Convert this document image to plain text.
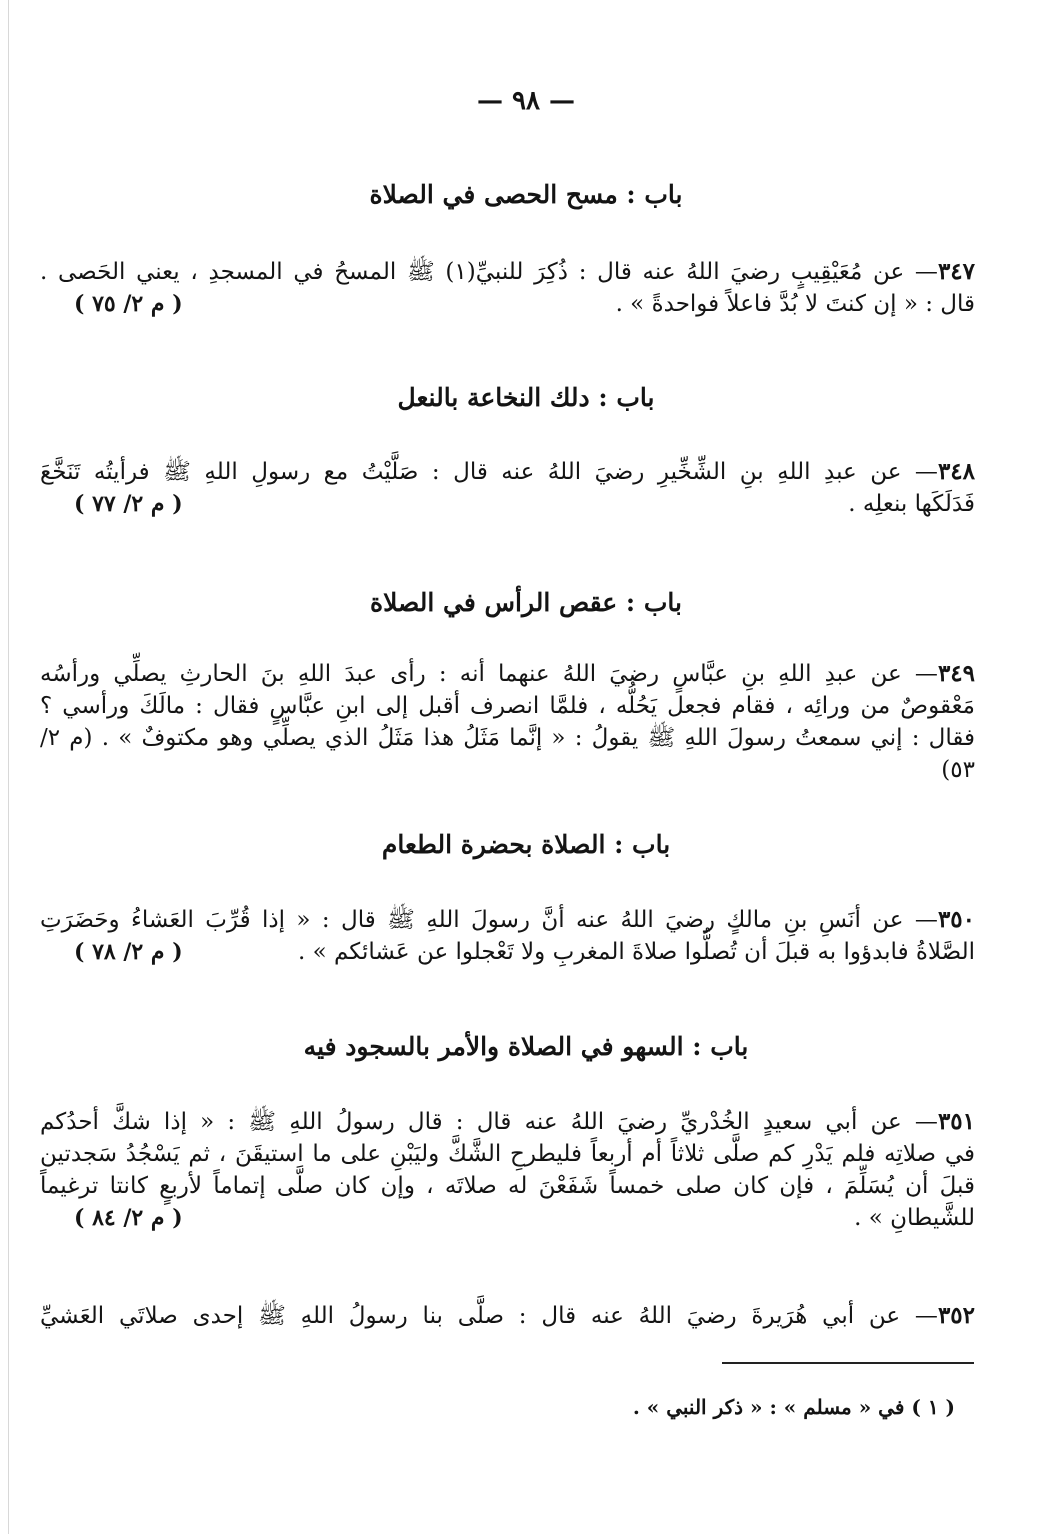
— ٩٨ —
باب : مسح الحصى في الصلاة
٣٤٧— عن مُعَيْقِيبٍ رضيَ اللهُ عنه قال : ذُكِرَ للنبيِّ(١) ﷺ المسحُ في المسجدِ ، يعني الحَصى .
قال : « إن كنتَ لا بُدَّ فاعلاً فواحدةً » .
( م ٢/ ٧٥ )
باب : دلك النخاعة بالنعل
٣٤٨— عن عبدِ اللهِ بنِ الشِّخِّيرِ رضيَ اللهُ عنه قال : صَلَّيْتُ مع رسولِ اللهِ ﷺ فرأيتُه تَنَخَّعَ
فَدَلَكَها بنعلِه .
( م ٢/ ٧٧ )
باب : عقص الرأس في الصلاة
٣٤٩— عن عبدِ اللهِ بنِ عبَّاسٍ رضيَ اللهُ عنهما أنه : رأى عبدَ اللهِ بنَ الحارثِ يصلِّي ورأسُه
مَعْقوصٌ من ورائِه ، فقام فجعل يَحُلُّه ، فلمَّا انصرف أقبل إلى ابنِ عبَّاسٍ فقال : مالَكَ ورأسي ؟
فقال : إني سمعتُ رسولَ اللهِ ﷺ يقولُ : « إنَّما مَثَلُ هذا مَثَلُ الذي يصلِّي وهو مكتوفٌ » . (م ٢/ ٥٣)
باب : الصلاة بحضرة الطعام
٣٥٠— عن أنَسِ بنِ مالكٍ رضيَ اللهُ عنه أنَّ رسولَ اللهِ ﷺ قال : « إذا قُرِّبَ العَشاءُ وحَضَرَتِ
الصَّلاةُ فابدؤوا به قبلَ أن تُصلُّوا صلاةَ المغربِ ولا تَعْجلوا عن عَشائكم » .
( م ٢/ ٧٨ )
باب : السهو في الصلاة والأمر بالسجود فيه
٣٥١— عن أبي سعيدٍ الخُدْريِّ رضيَ اللهُ عنه قال : قال رسولُ اللهِ ﷺ : « إذا شكَّ أحدُكم
في صلاتِه فلم يَدْرِ كم صلَّى ثلاثاً أم أربعاً فليطرحِ الشَّكَّ وليَبْنِ على ما استيقَنَ ، ثم يَسْجُدُ سَجدتين
قبلَ أن يُسَلِّمَ ، فإن كان صلى خمساً شَفَعْنَ له صلاتَه ، وإن كان صلَّى إتماماً لأربعٍ كانتا ترغيماً
للشَّيطانِ » .
( م ٢/ ٨٤ )
٣٥٢— عن أبي هُرَيرةَ رضيَ اللهُ عنه قال : صلَّى بنا رسولُ اللهِ ﷺ إحدى صلاتَي العَشيِّ
( ١ ) في « مسلم » : « ذكر النبي » .
